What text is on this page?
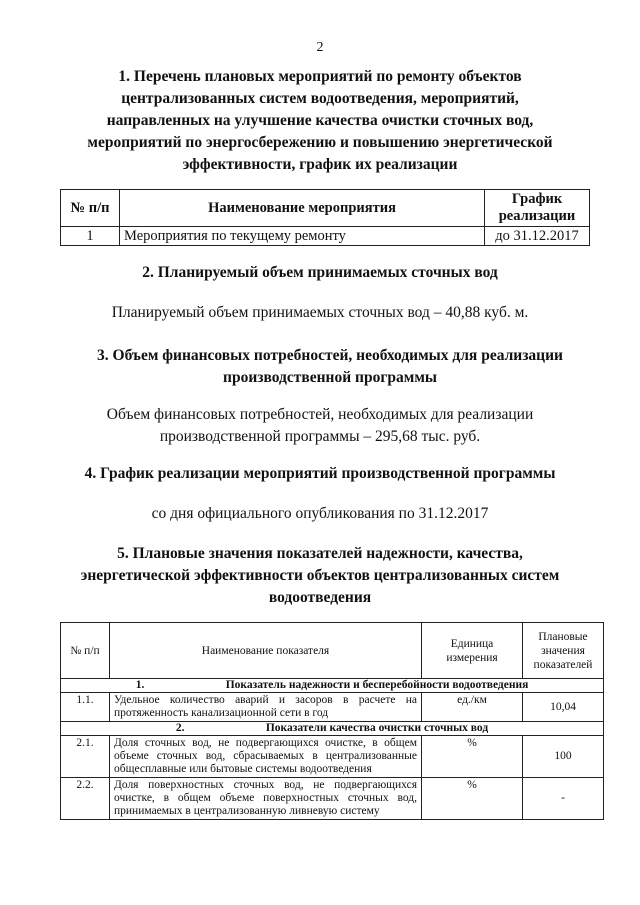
2
1. Перечень плановых мероприятий по ремонту объектов
централизованных систем водоотведения, мероприятий,
направленных на улучшение качества очистки сточных вод,
мероприятий по энергосбережению и повышению энергетической
эффективности, график их реализации
№ п/п	Наименование мероприятия	График реализации
1	Мероприятия по текущему ремонту	до 31.12.2017
2. Планируемый объем принимаемых сточных вод
Планируемый объем принимаемых сточных вод – 40,88 куб. м.
3. Объем финансовых потребностей, необходимых для реализации
производственной программы
Объем финансовых потребностей, необходимых для реализации
производственной программы – 295,68 тыс. руб.
4. График реализации мероприятий производственной программы
со дня официального опубликования по 31.12.2017
5. Плановые значения показателей надежности, качества,
энергетической эффективности объектов централизованных систем
водоотведения
№ п/п	Наименование показателя	Единица измерения	Плановые значения показателей
1. Показатель надежности и бесперебойности водоотведения			
1.1.	Удельное количество аварий и засоров в расчете на протяженность канализационной сети в год	ед./км	10,04
2. Показатели качества очистки сточных вод			
2.1.	Доля сточных вод, не подвергающихся очистке, в общем объеме сточных вод, сбрасываемых в централизованные общесплавные или бытовые системы водоотведения	%	100
2.2.	Доля поверхностных сточных вод, не подвергающихся очистке, в общем объеме поверхностных сточных вод, принимаемых в централизованную ливневую систему	%	-
